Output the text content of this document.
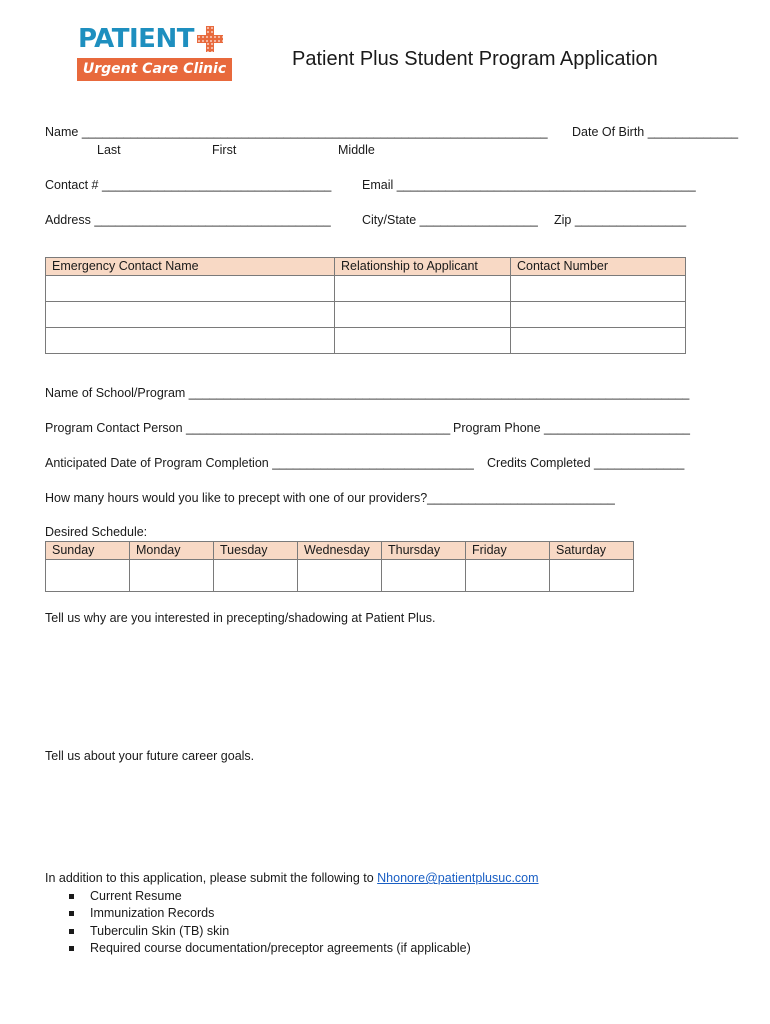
PATIENT
Urgent Care Clinic	Patient Plus Student Program Application
Name ___________________________________________________________________ Date Of Birth _____________
Last	First	Middle
Contact # _________________________________ Email ___________________________________________
Address __________________________________	City/State _________________ Zip ________________
Emergency Contact Name	Relationship to Applicant	Contact Number

Name of School/Program ________________________________________________________________________
Program Contact Person ______________________________________ Program Phone _____________________
Anticipated Date of Program Completion _____________________________ Credits Completed _____________
How many hours would you like to precept with one of our providers?___________________________
Desired Schedule:
Sunday	Monday	Tuesday	Wednesday	Thursday	Friday	Saturday

Tell us why are you interested in precepting/shadowing at Patient Plus.
Tell us about your future career goals.
In addition to this application, please submit the following to Nhonore@patientplusuc.com
Current Resume
Immunization Records
Tuberculin Skin (TB) skin
Required course documentation/preceptor agreements (if applicable)
